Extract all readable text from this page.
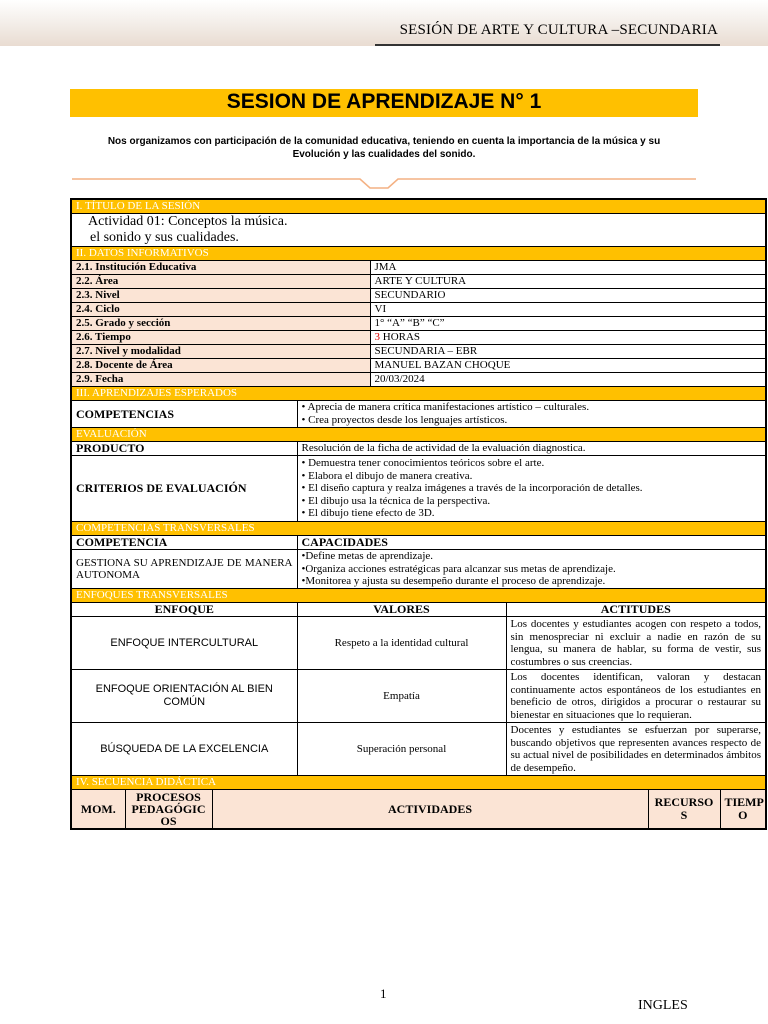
SESIÓN DE ARTE Y CULTURA –SECUNDARIA
SESION DE APRENDIZAJE N° 1
Nos organizamos con participación de la comunidad educativa, teniendo en cuenta la importancia de la música y su Evolución y las cualidades del sonido.
I. TÍTULO DE LA SESIÓN							

Actividad 01: Conceptos la música.
el sonido y sus cualidades.							

II. DATOS INFORMATIVOS							
2.1. Institución Educativa				JMA			
2.2. Área				ARTE Y CULTURA			
2.3. Nivel				SECUNDARIO			
2.4. Ciclo				VI			
2.5. Grado y sección				1° “A” “B” “C”			
2.6. Tiempo				3 HORAS			
2.7. Nivel y modalidad				SECUNDARIA – EBR			
2.8. Docente de Área				MANUEL BAZAN CHOQUE			
2.9. Fecha				20/03/2024			
III. APRENDIZAJES ESPERADOS							
COMPETENCIAS			• Aprecia de manera crítica manifestaciones artístico – culturales.
• Crea proyectos desde los lenguajes artísticos.				

EVALUACIÓN							
PRODUCTO			Resolución de la ficha de actividad de la evaluación diagnostica.				
CRITERIOS DE EVALUACIÓN			• Demuestra tener conocimientos teóricos sobre el arte.
• Elabora el dibujo de manera creativa.
• El diseño captura y realza imágenes a través de la incorporación de detalles.
• El dibujo usa la técnica de la perspectiva.
• El dibujo tiene efecto de 3D.				

COMPETENCIAS TRANSVERSALES							
COMPETENCIA			CAPACIDADES				
GESTIONA SU APRENDIZAJE DE MANERA AUTONOMA			•Define metas de aprendizaje.
•Organiza acciones estratégicas para alcanzar sus metas de aprendizaje.
•Monitorea y ajusta su desempeño durante el proceso de aprendizaje.				

ENFOQUES TRANSVERSALES							
ENFOQUE			VALORES		ACTITUDES		
ENFOQUE INTERCULTURAL			Respeto a la identidad cultural		Los docentes y estudiantes acogen con respeto a todos, sin menospreciar ni excluir a nadie en razón de su lengua, su manera de hablar, su forma de vestir, sus costumbres o sus creencias.		
ENFOQUE ORIENTACIÓN AL BIEN COMÚN			Empatía		Los docentes identifican, valoran y destacan continuamente actos espontáneos de los estudiantes en beneficio de otros, dirigidos a procurar o restaurar su bienestar en situaciones que lo requieran.		
BÚSQUEDA DE LA EXCELENCIA			Superación personal		Docentes y estudiantes se esfuerzan por superarse, buscando objetivos que representen avances respecto de su actual nivel de posibilidades en determinados ámbitos de desempeño.		
IV. SECUENCIA DIDÁCTICA							
MOM.	PROCESOS PEDAGÓGIC OS	ACTIVIDADES				RECURSO S	TIEMP O
1
INGLES
